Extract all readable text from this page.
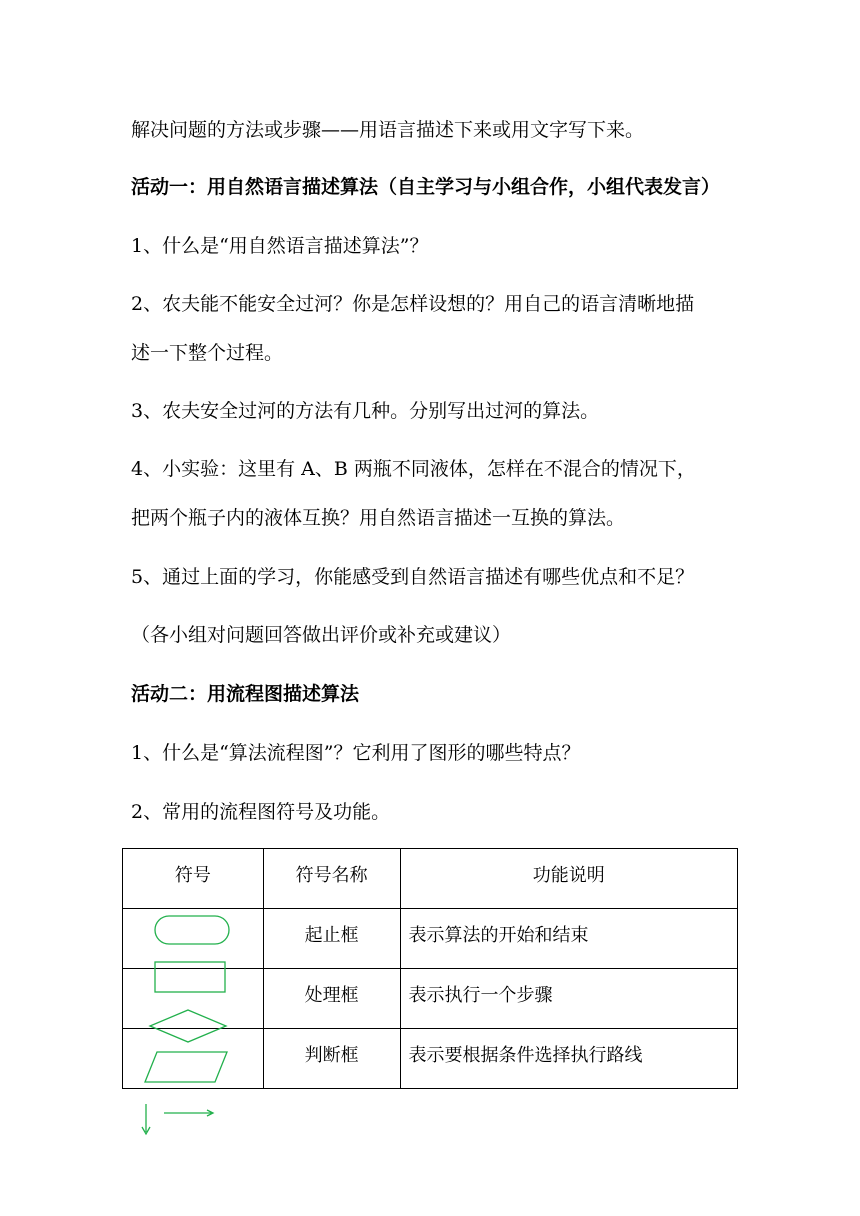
解决问题的方法或步骤——用语言描述下来或用文字写下来。
活动一：用自然语言描述算法（自主学习与小组合作，小组代表发言）
1、什么是“用自然语言描述算法”？
2、农夫能不能安全过河？你是怎样设想的？用自己的语言清晰地描
述一下整个过程。
3、农夫安全过河的方法有几种。分别写出过河的算法。
4、小实验：这里有 A、B 两瓶不同液体，怎样在不混合的情况下，
把两个瓶子内的液体互换？用自然语言描述一互换的算法。
5、通过上面的学习，你能感受到自然语言描述有哪些优点和不足？
（各小组对问题回答做出评价或补充或建议）
活动二：用流程图描述算法
1、什么是“算法流程图”？它利用了图形的哪些特点？
2、常用的流程图符号及功能。
符号	符号名称	功能说明
	起止框	表示算法的开始和结束
	处理框	表示执行一个步骤
	判断框	表示要根据条件选择执行路线
